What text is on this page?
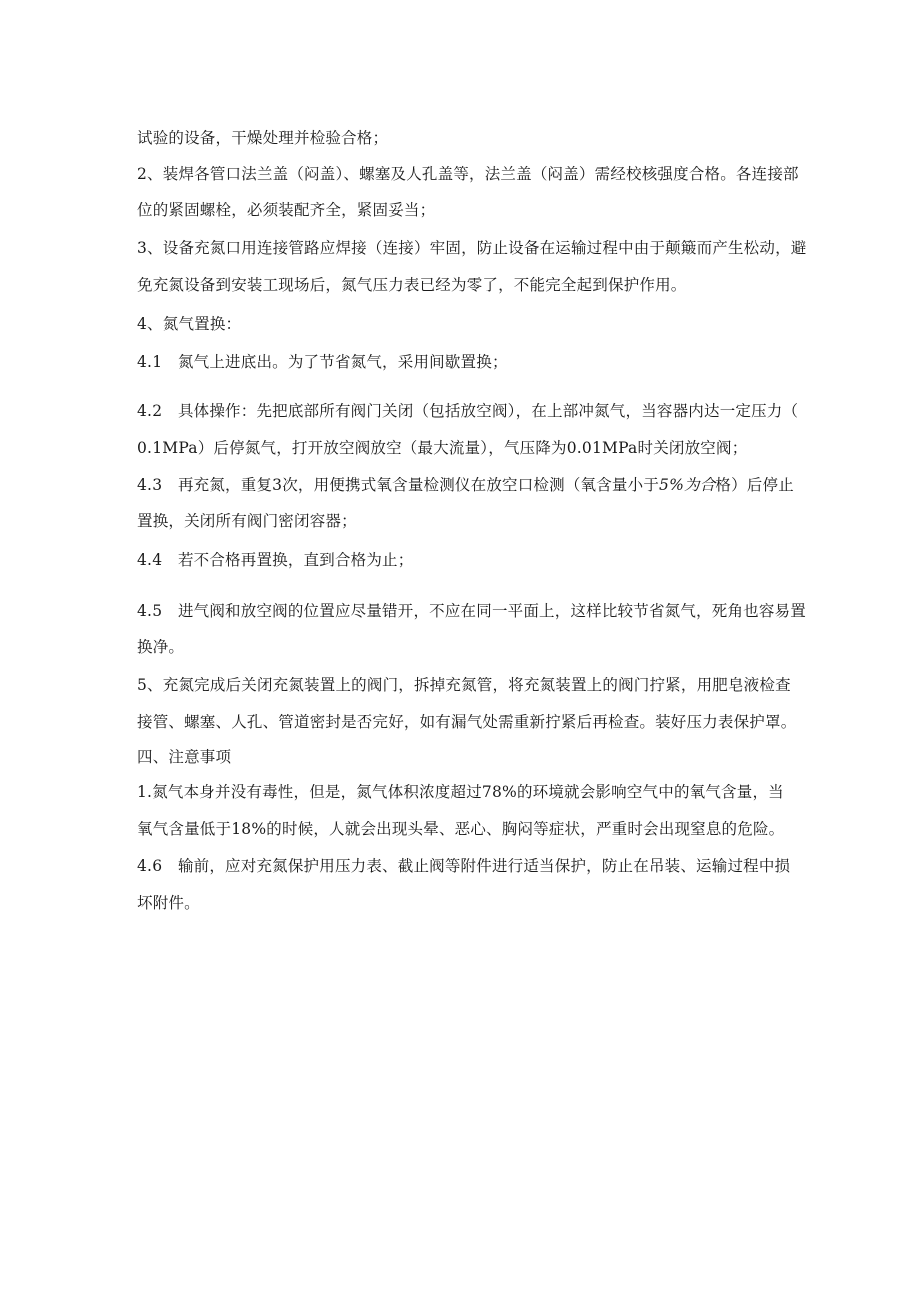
试验的设备，干燥处理并检验合格；
2、装焊各管口法兰盖（闷盖）、螺塞及人孔盖等，法兰盖（闷盖）需经校核强度合格。各连接部
位的紧固螺栓，必须装配齐全，紧固妥当；
3、设备充氮口用连接管路应焊接（连接）牢固，防止设备在运输过程中由于颠簸而产生松动，避
免充氮设备到安装工现场后，氮气压力表已经为零了，不能完全起到保护作用。
4、氮气置换：
4.1　氮气上进底出。为了节省氮气，采用间歇置换；
4.2　具体操作：先把底部所有阀门关闭（包括放空阀），在上部冲氮气，当容器内达一定压力（
0.1MPa）后停氮气，打开放空阀放空（最大流量），气压降为0.01MPa时关闭放空阀；
4.3　再充氮，重复3次，用便携式氧含量检测仪在放空口检测（氧含量小于5%为合格）后停止
置换，关闭所有阀门密闭容器；
4.4　若不合格再置换，直到合格为止；
4.5　进气阀和放空阀的位置应尽量错开，不应在同一平面上，这样比较节省氮气，死角也容易置
换净。
5、充氮完成后关闭充氮装置上的阀门，拆掉充氮管，将充氮装置上的阀门拧紧，用肥皂液检查
接管、螺塞、人孔、管道密封是否完好，如有漏气处需重新拧紧后再检查。装好压力表保护罩。
四、注意事项
1.氮气本身并没有毒性，但是，氮气体积浓度超过78%的环境就会影响空气中的氧气含量，当
氧气含量低于18%的时候，人就会出现头晕、恶心、胸闷等症状，严重时会出现窒息的危险。
4.6　输前，应对充氮保护用压力表、截止阀等附件进行适当保护，防止在吊装、运输过程中损
坏附件。
